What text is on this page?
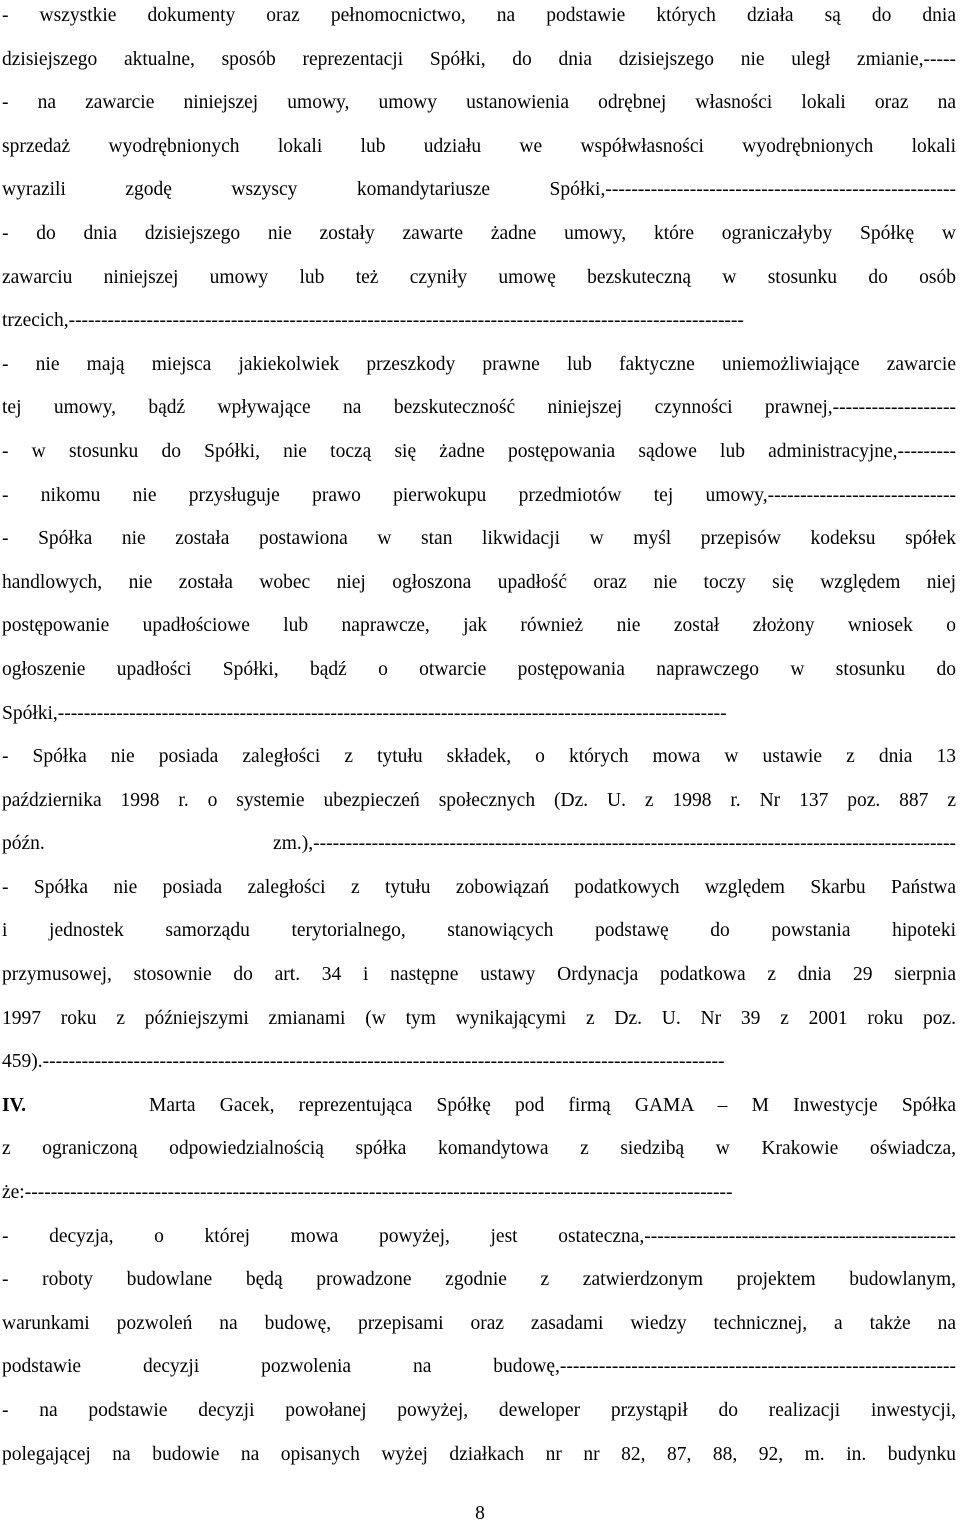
- wszystkie dokumenty oraz pełnomocnictwo, na podstawie których działa są do dnia
dzisiejszego aktualne, sposób reprezentacji Spółki, do dnia dzisiejszego nie uległ zmianie,-----
- na zawarcie niniejszej umowy, umowy ustanowienia odrębnej własności lokali oraz na
sprzedaż wyodrębnionych lokali lub udziału we współwłasności wyodrębnionych lokali
wyrazili zgodę wszyscy komandytariusze Spółki,------------------------------------------------------
- do dnia dzisiejszego nie zostały zawarte żadne umowy, które ograniczałyby Spółkę w
zawarciu niniejszej umowy lub też czyniły umowę bezskuteczną w stosunku do osób
trzecich,--------------------------------------------------------------------------------------------------------
- nie mają miejsca jakiekolwiek przeszkody prawne lub faktyczne uniemożliwiające zawarcie
tej umowy, bądź wpływające na bezskuteczność niniejszej czynności prawnej,-------------------
- w stosunku do Spółki, nie toczą się żadne postępowania sądowe lub administracyjne,---------
- nikomu nie przysługuje prawo pierwokupu przedmiotów tej umowy,-----------------------------
- Spółka nie została postawiona w stan likwidacji w myśl przepisów kodeksu spółek
handlowych, nie została wobec niej ogłoszona upadłość oraz nie toczy się względem niej
postępowanie upadłościowe lub naprawcze, jak również nie został złożony wniosek o
ogłoszenie upadłości Spółki, bądź o otwarcie postępowania naprawczego w stosunku do
Spółki,-------------------------------------------------------------------------------------------------------
- Spółka nie posiada zaległości z tytułu składek, o których mowa w ustawie z dnia 13
października 1998 r. o systemie ubezpieczeń społecznych (Dz. U. z 1998 r. Nr 137 poz. 887 z
późn. zm.),---------------------------------------------------------------------------------------------------
- Spółka nie posiada zaległości z tytułu zobowiązań podatkowych względem Skarbu Państwa
i jednostek samorządu terytorialnego, stanowiących podstawę do powstania hipoteki
przymusowej, stosownie do art. 34 i następne ustawy Ordynacja podatkowa z dnia 29 sierpnia
1997 roku z późniejszymi zmianami (w tym wynikającymi z Dz. U. Nr 39 z 2001 roku poz.
459).---------------------------------------------------------------------------------------------------------
IV.	Marta Gacek, reprezentująca Spółkę pod firmą GAMA – M Inwestycje Spółka
z ograniczoną odpowiedzialnością spółka komandytowa z siedzibą w Krakowie oświadcza,
że:-------------------------------------------------------------------------------------------------------------
- decyzja, o której mowa powyżej, jest ostateczna,------------------------------------------------
- roboty budowlane będą prowadzone zgodnie z zatwierdzonym projektem budowlanym,
warunkami pozwoleń na budowę, przepisami oraz zasadami wiedzy technicznej, a także na
podstawie decyzji pozwolenia na budowę,-------------------------------------------------------------
- na podstawie decyzji powołanej powyżej, deweloper przystąpił do realizacji inwestycji,
polegającej na budowie na opisanych wyżej działkach nr nr 82, 87, 88, 92, m. in. budynku
8
